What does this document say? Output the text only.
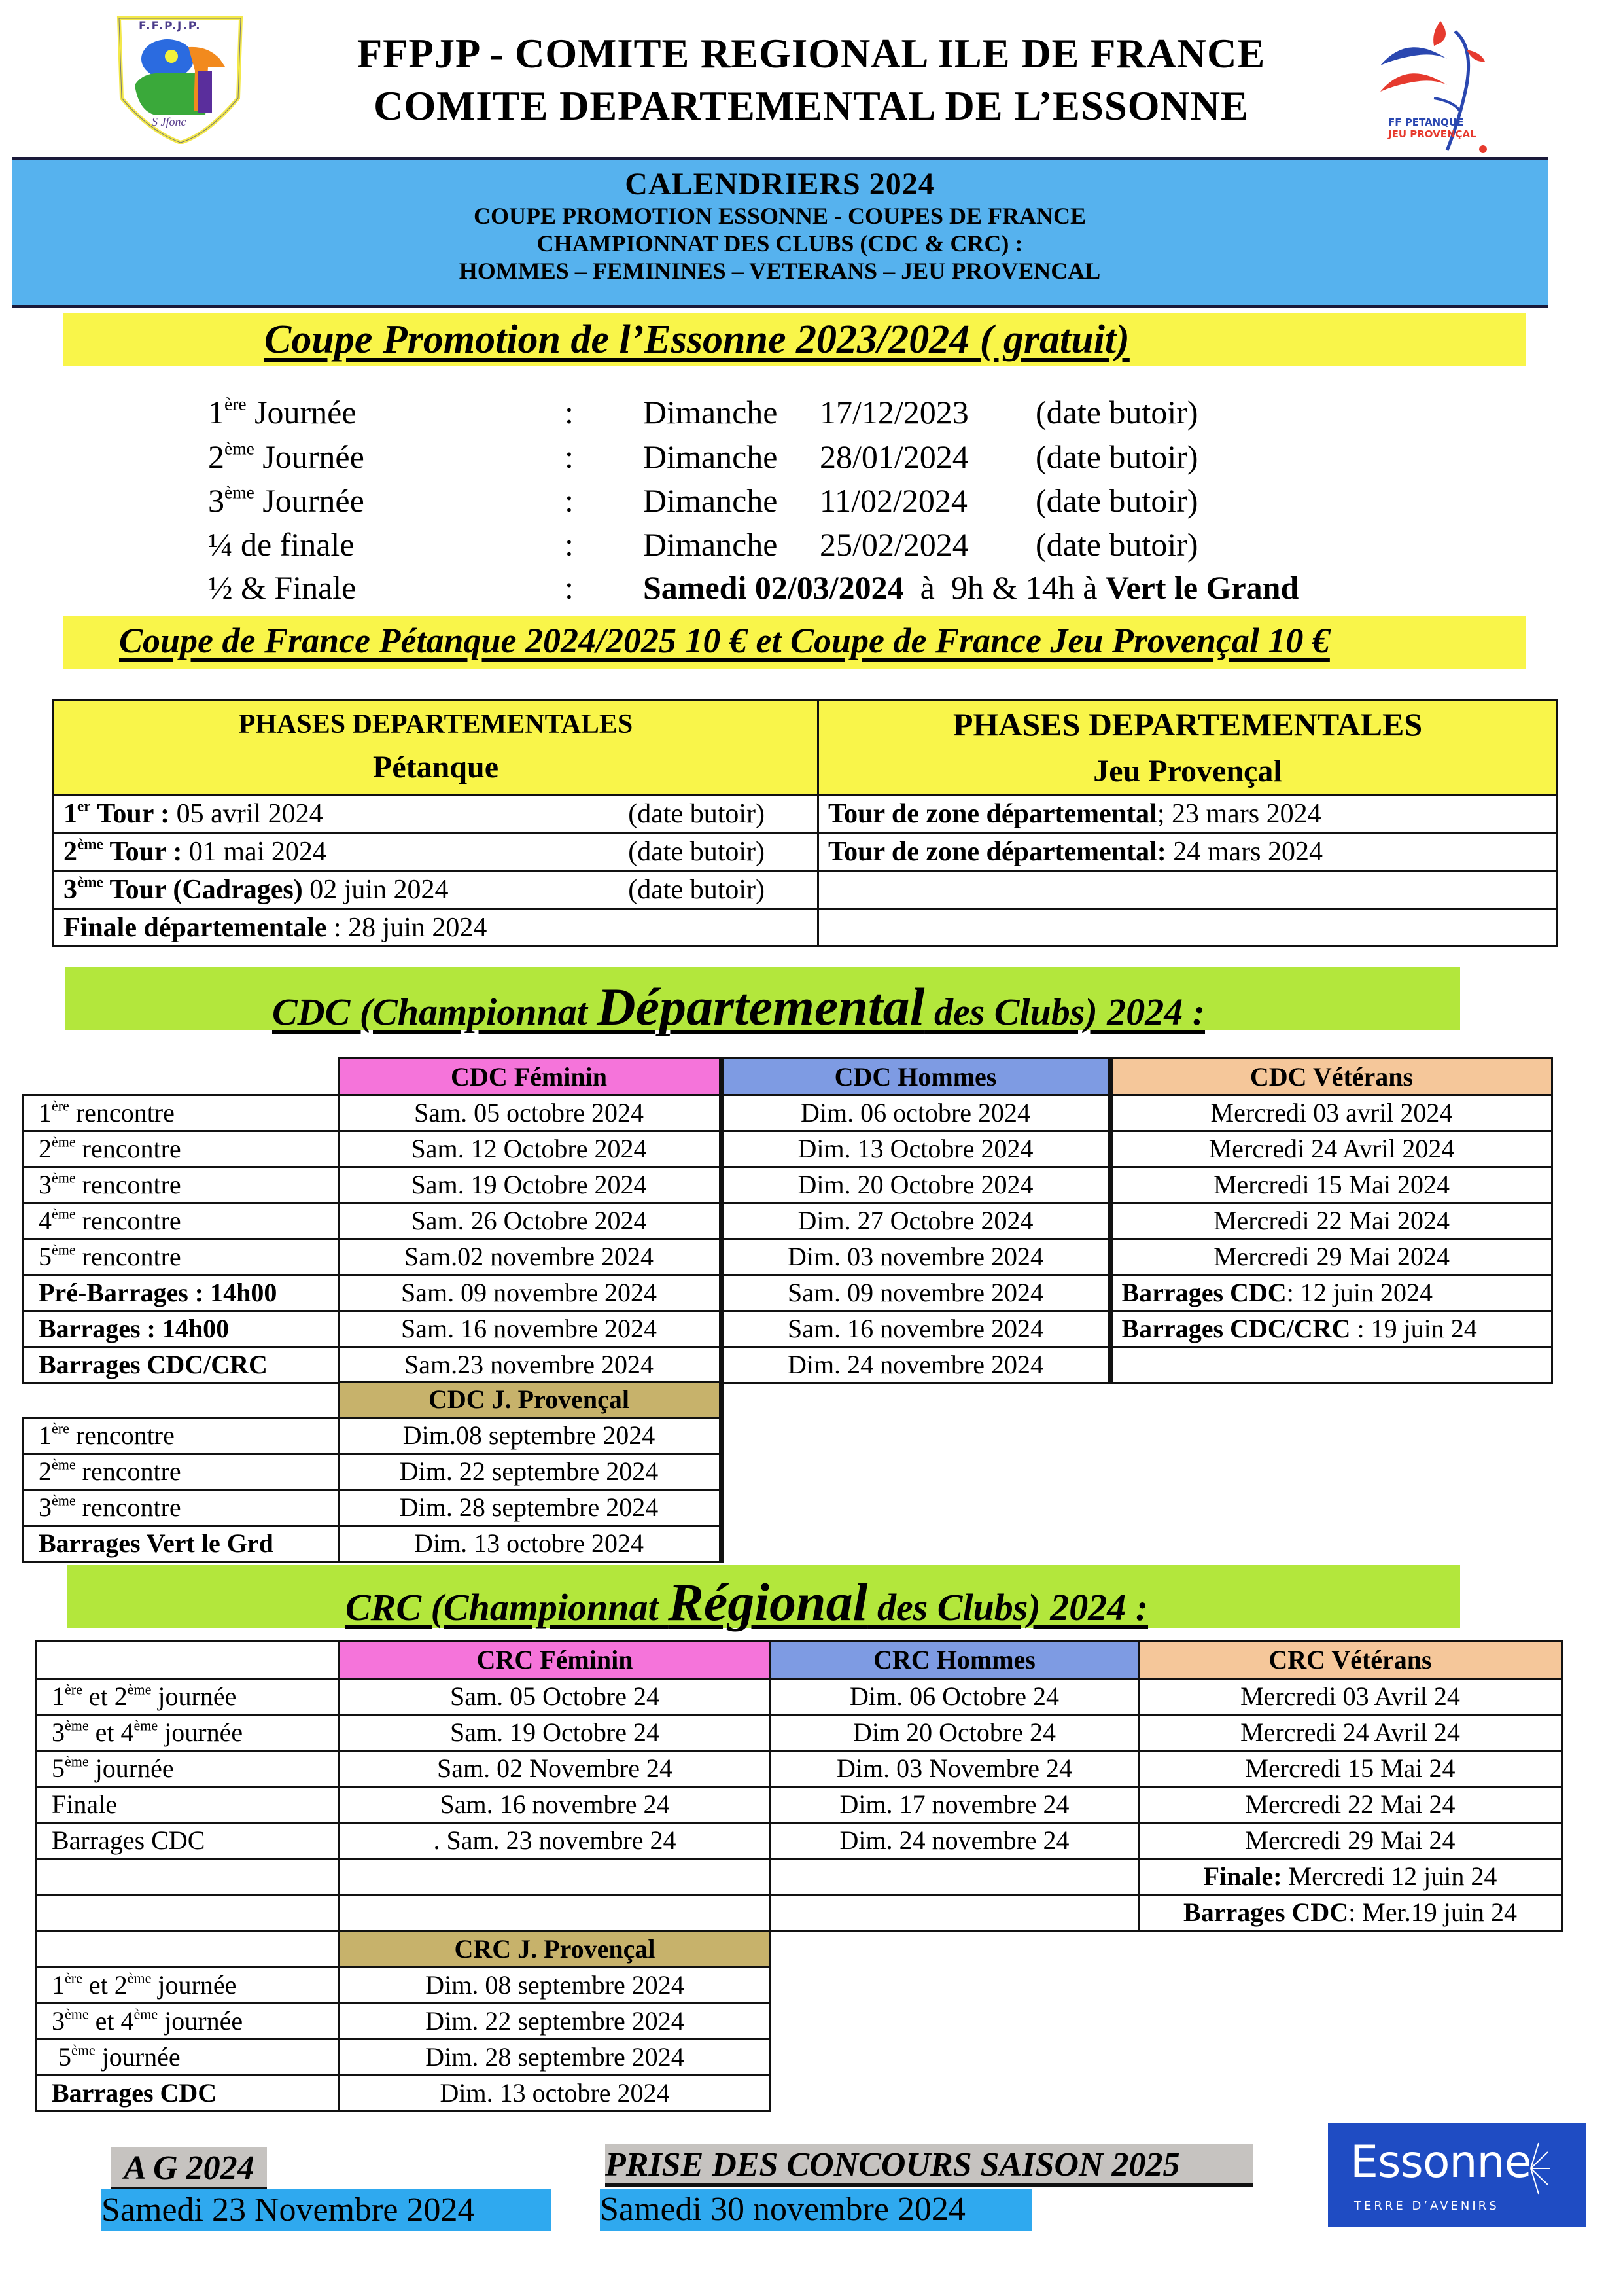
F.F.P.J.P.
S Jfonc
FFPJP - COMITE REGIONAL ILE DE FRANCE
COMITE DEPARTEMENTAL DE L’ESSONNE	FF PETANQUE
JEU PROVENÇAL
CALENDRIERS 2024
COUPE PROMOTION ESSONNE - COUPES DE FRANCE
CHAMPIONNAT DES CLUBS (CDC & CRC) :
HOMMES – FEMININES – VETERANS – JEU PROVENCAL
Coupe Promotion de l’Essonne 2023/2024 ( gratuit)
1ère Journée	: Dimanche 17/12/2023 (date butoir)
2ème Journée	: Dimanche 28/01/2024 (date butoir)
3ème Journée	: Dimanche 11/02/2024 (date butoir)
¼ de finale	: Dimanche 25/02/2024 (date butoir)
½ & Finale	: Samedi 02/03/2024  à  9h & 14h à Vert le Grand
Coupe de France Pétanque 2024/2025 10 € et Coupe de France Jeu Provençal 10 €
PHASES DEPARTEMENTALES
Pétanque

PHASES DEPARTEMENTALES
Jeu Provençal

1er Tour : 05 avril 2024 (date butoir)	Tour de zone départemental; 23 mars 2024
2ème Tour : 01 mai 2024 (date butoir)	Tour de zone départemental: 24 mars 2024
3ème Tour (Cadrages) 02 juin 2024 (date butoir)	

Finale départementale : 28 juin 2024	
CDC (Championnat Départemental des Clubs) 2024 :
	CDC Féminin	CDC Hommes	CDC Vétérans
1ère rencontre	Sam. 05 octobre 2024	Dim. 06 octobre 2024	Mercredi 03 avril 2024
2ème rencontre	Sam. 12 Octobre 2024	Dim. 13 Octobre 2024	Mercredi 24 Avril 2024
3ème rencontre	Sam. 19 Octobre 2024	Dim. 20 Octobre 2024	Mercredi 15 Mai 2024
4ème rencontre	Sam. 26 Octobre 2024	Dim. 27 Octobre 2024	Mercredi 22 Mai 2024
5ème rencontre	Sam.02 novembre 2024	Dim. 03 novembre 2024	Mercredi 29 Mai 2024
Pré-Barrages : 14h00	Sam. 09 novembre 2024	Sam. 09 novembre 2024	Barrages CDC: 12 juin 2024
Barrages : 14h00	Sam. 16 novembre 2024	Sam. 16 novembre 2024	Barrages CDC/CRC : 19 juin 24
Barrages CDC/CRC	Sam.23 novembre 2024	Dim. 24 novembre 2024	
	CDC J. Provençal
1ère rencontre	Dim.08 septembre 2024
2ème rencontre	Dim. 22 septembre 2024
3ème rencontre	Dim. 28 septembre 2024
Barrages Vert le Grd	Dim. 13 octobre 2024
CRC (Championnat Régional des Clubs) 2024 :
	CRC Féminin	CRC Hommes	CRC Vétérans
1ère et 2ème journée	Sam. 05 Octobre 24	Dim. 06 Octobre 24	Mercredi 03 Avril 24
3ème et 4ème journée	Sam. 19 Octobre 24	Dim 20 Octobre 24	Mercredi 24 Avril 24
5ème journée	Sam. 02 Novembre 24	Dim. 03 Novembre 24	Mercredi 15 Mai 24
Finale	Sam. 16 novembre 24	Dim. 17 novembre 24	Mercredi 22 Mai 24
Barrages CDC	. Sam. 23 novembre 24	Dim. 24 novembre 24	Mercredi 29 Mai 24
			Finale: Mercredi 12 juin 24
			Barrages CDC: Mer.19 juin 24
	CRC J. Provençal
1ère et 2ème journée	Dim. 08 septembre 2024
3ème et 4ème journée	Dim. 22 septembre 2024
5ème journée	Dim. 28 septembre 2024
Barrages CDC	Dim. 13 octobre 2024
A G 2024
Samedi 23 Novembre 2024
PRISE DES CONCOURS SAISON 2025
Samedi 30 novembre 2024
Essonne
TERRE D’AVENIRS
